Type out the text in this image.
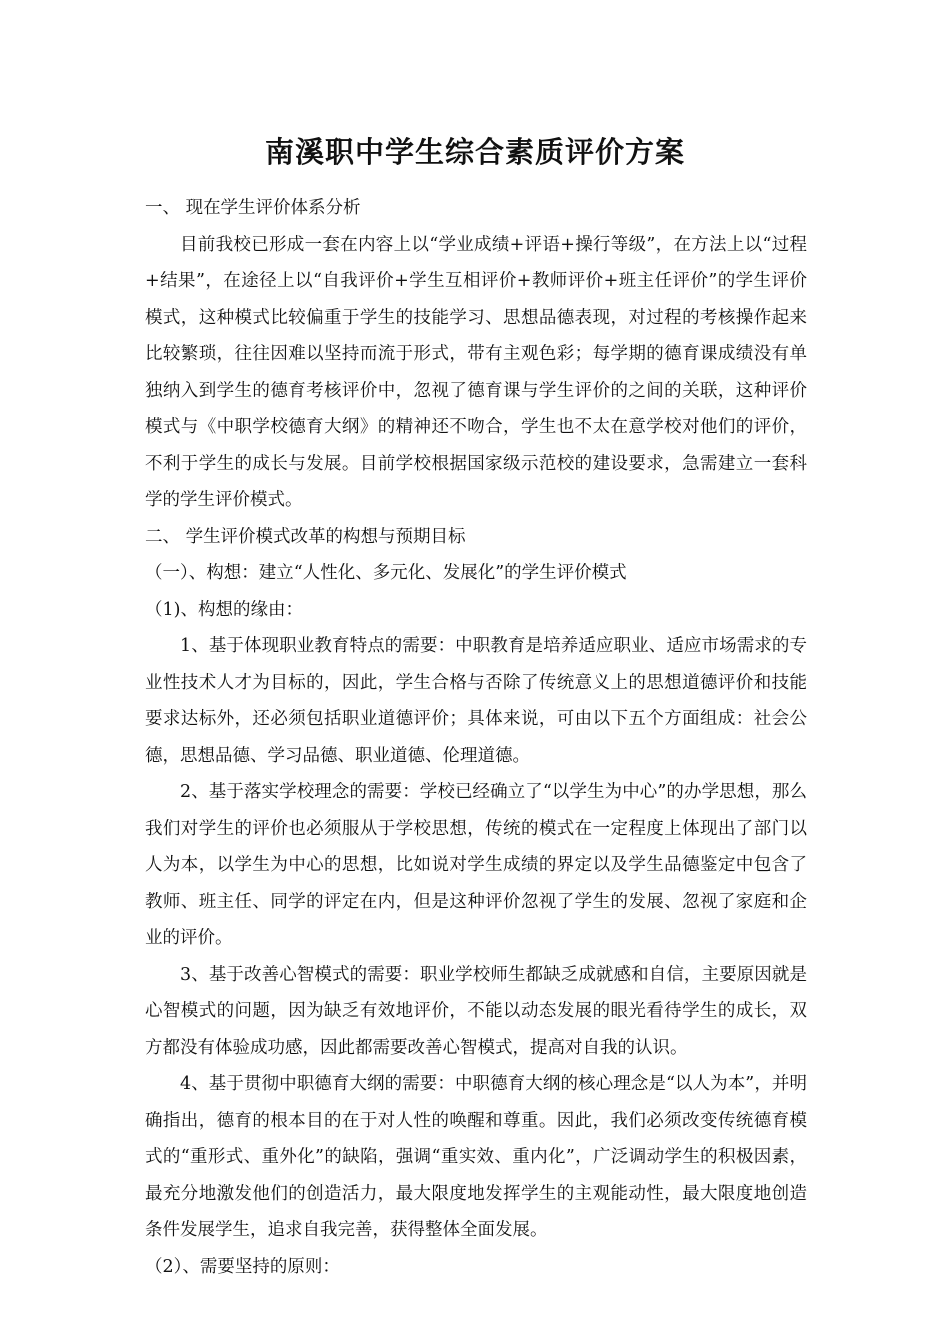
南溪职中学生综合素质评价方案

一、 现在学生评价体系分析

目前我校已形成一套在内容上以“学业成绩+评语+操行等级”，在方法上以“过程+结果”，在途径上以“自我评价+学生互相评价+教师评价+班主任评价”的学生评价模式，这种模式比较偏重于学生的技能学习、思想品德表现，对过程的考核操作起来比较繁琐，往往因难以坚持而流于形式，带有主观色彩；每学期的德育课成绩没有单独纳入到学生的德育考核评价中，忽视了德育课与学生评价的之间的关联，这种评价模式与《中职学校德育大纲》的精神还不吻合，学生也不太在意学校对他们的评价，不利于学生的成长与发展。目前学校根据国家级示范校的建设要求，急需建立一套科学的学生评价模式。

二、 学生评价模式改革的构想与预期目标

（一）、构想：建立“人性化、多元化、发展化”的学生评价模式

（1)、构想的缘由：

1、基于体现职业教育特点的需要：中职教育是培养适应职业、适应市场需求的专业性技术人才为目标的，因此，学生合格与否除了传统意义上的思想道德评价和技能要求达标外，还必须包括职业道德评价；具体来说，可由以下五个方面组成：社会公德，思想品德、学习品德、职业道德、伦理道德。

2、基于落实学校理念的需要：学校已经确立了“以学生为中心”的办学思想，那么我们对学生的评价也必须服从于学校思想，传统的模式在一定程度上体现出了部门以人为本，以学生为中心的思想，比如说对学生成绩的界定以及学生品德鉴定中包含了教师、班主任、同学的评定在内，但是这种评价忽视了学生的发展、忽视了家庭和企业的评价。

3、基于改善心智模式的需要：职业学校师生都缺乏成就感和自信，主要原因就是心智模式的问题，因为缺乏有效地评价，不能以动态发展的眼光看待学生的成长，双方都没有体验成功感，因此都需要改善心智模式，提高对自我的认识。

4、基于贯彻中职德育大纲的需要：中职德育大纲的核心理念是“以人为本”，并明确指出，德育的根本目的在于对人性的唤醒和尊重。因此，我们必须改变传统德育模式的“重形式、重外化”的缺陷，强调“重实效、重内化”，广泛调动学生的积极因素，最充分地激发他们的创造活力，最大限度地发挥学生的主观能动性，最大限度地创造条件发展学生，追求自我完善，获得整体全面发展。

（2）、需要坚持的原则：
